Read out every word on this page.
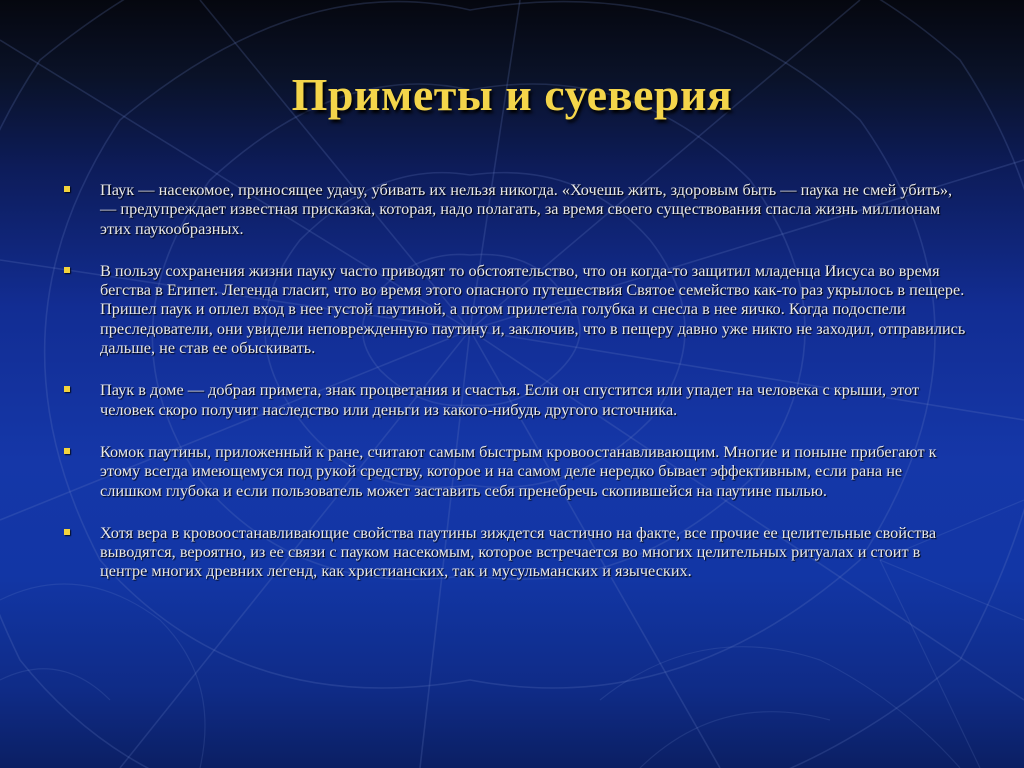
Приметы и суеверия
Паук — насекомое, приносящее удачу, убивать их нельзя никогда. «Хочешь жить, здоровым быть — паука не смей убить», — предупреждает известная присказка, которая, надо полагать, за время своего существования спасла жизнь миллионам этих паукообразных.
В пользу сохранения жизни пауку часто приводят то обстоятельство, что он когда-то защитил младенца Иисуса во время бегства в Египет. Легенда гласит, что во время этого опасного путешествия Святое семейство как-то раз укрылось в пещере. Пришел паук и оплел вход в нее густой паутиной, а потом прилетела голубка и снесла в нее яичко. Когда подоспели преследователи, они увидели неповрежденную паутину и, заключив, что в пещеру давно уже никто не заходил, отправились дальше, не став ее обыскивать.
Паук в доме — добрая примета, знак процветания и счастья. Если он спустится или упадет на человека с крыши, этот человек скоро получит наследство или деньги из какого-нибудь другого источника.
Комок паутины, приложенный к ране, считают самым быстрым кровоостанавливающим. Многие и поныне прибегают к этому всегда имеющемуся под рукой средству, которое и на самом деле нередко бывает эффективным, если рана не слишком глубока и если пользователь может заставить себя пренебречь скопившейся на паутине пылью.
Хотя вера в кровоостанавливающие свойства паутины зиждется частично на факте, все прочие ее целительные свойства выводятся, вероятно, из ее связи с пауком насекомым, которое встречается во многих целительных ритуалах и стоит в центре многих древних легенд, как христианских, так и мусульманских и языческих.
